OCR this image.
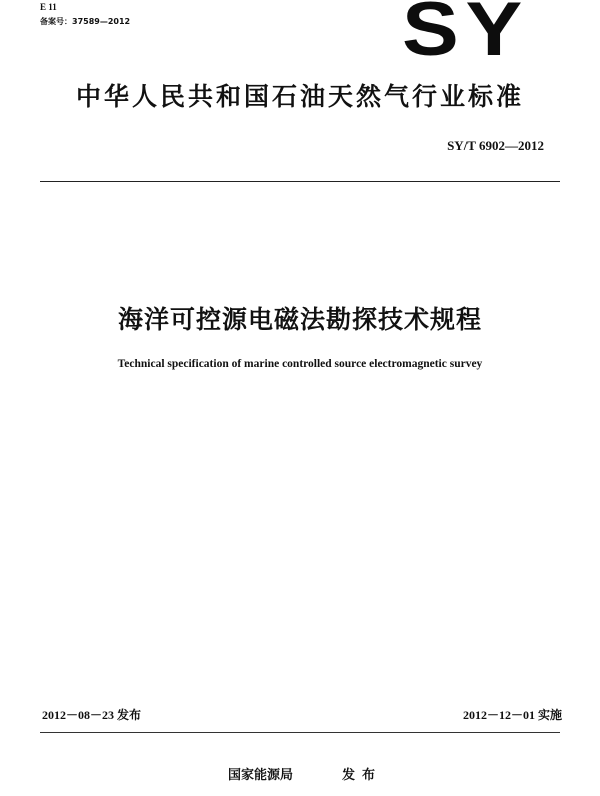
E 11
备案号：37589—2012	SY
中华人民共和国石油天然气行业标准
SY/T 6902—2012
海洋可控源电磁法勘探技术规程
Technical specification of marine controlled source electromagnetic survey
2012－08－23 发布	2012－12－01 实施
国家能源局	发布
